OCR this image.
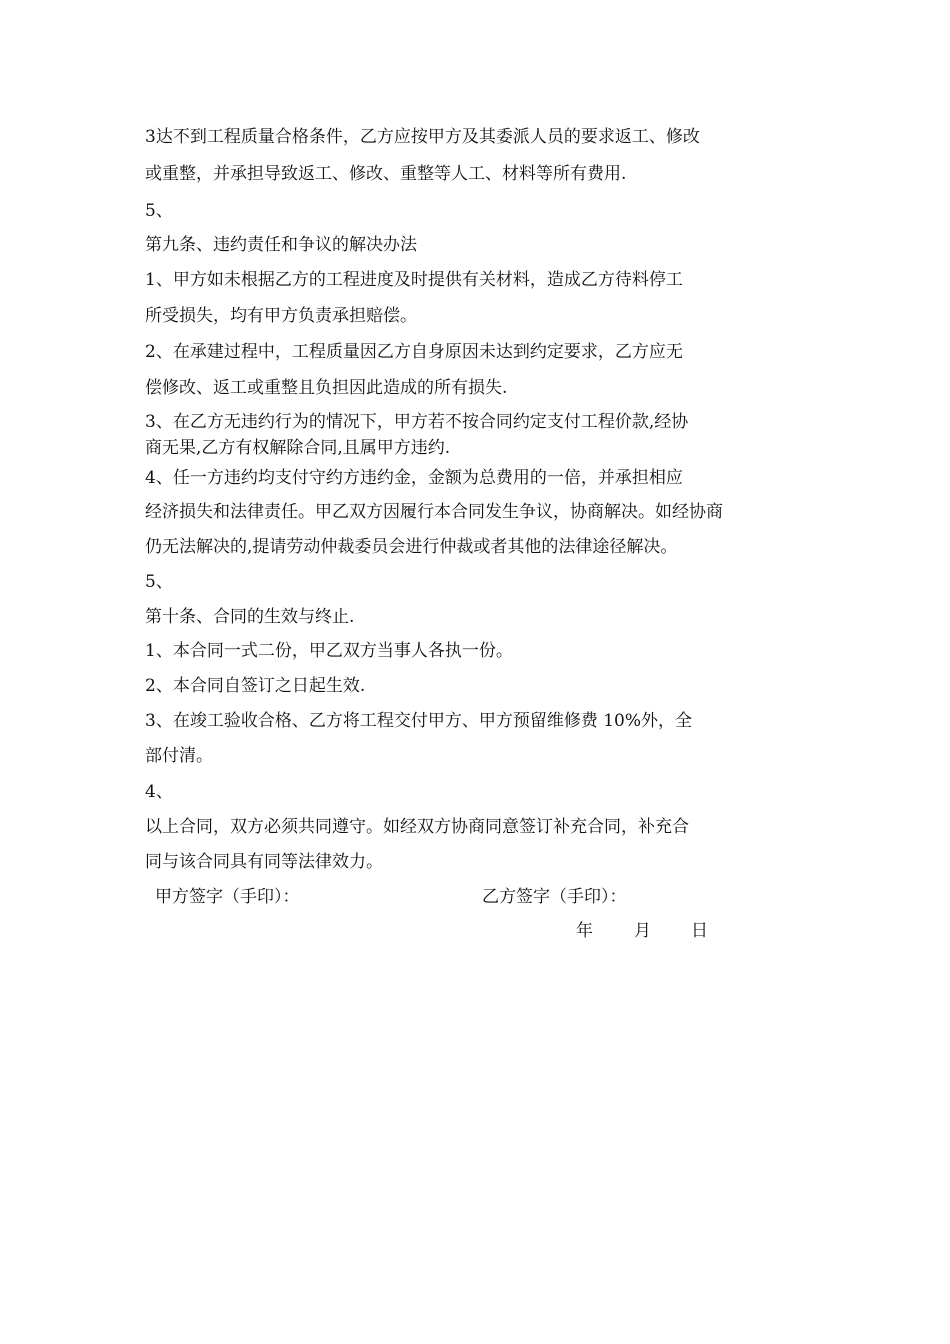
3达不到工程质量合格条件，乙方应按甲方及其委派人员的要求返工、修改
或重整，并承担导致返工、修改、重整等人工、材料等所有费用.
5、
第九条、违约责任和争议的解决办法
1、甲方如未根据乙方的工程进度及时提供有关材料，造成乙方待料停工
所受损失，均有甲方负责承担赔偿。
2、在承建过程中，工程质量因乙方自身原因未达到约定要求，乙方应无
偿修改、返工或重整且负担因此造成的所有损失.
3、在乙方无违约行为的情况下，甲方若不按合同约定支付工程价款,经协
商无果,乙方有权解除合同,且属甲方违约.
4、任一方违约均支付守约方违约金，金额为总费用的一倍，并承担相应
经济损失和法律责任。甲乙双方因履行本合同发生争议，协商解决。如经协商
仍无法解决的,提请劳动仲裁委员会进行仲裁或者其他的法律途径解决。
5、
第十条、合同的生效与终止.
1、本合同一式二份，甲乙双方当事人各执一份。
2、本合同自签订之日起生效.
3、在竣工验收合格、乙方将工程交付甲方、甲方预留维修费 10%外，全
部付清。
4、
以上合同，双方必须共同遵守。如经双方协商同意签订补充合同，补充合
同与该合同具有同等法律效力。
甲方签字（手印）：	乙方签字（手印）：
年 月 日
